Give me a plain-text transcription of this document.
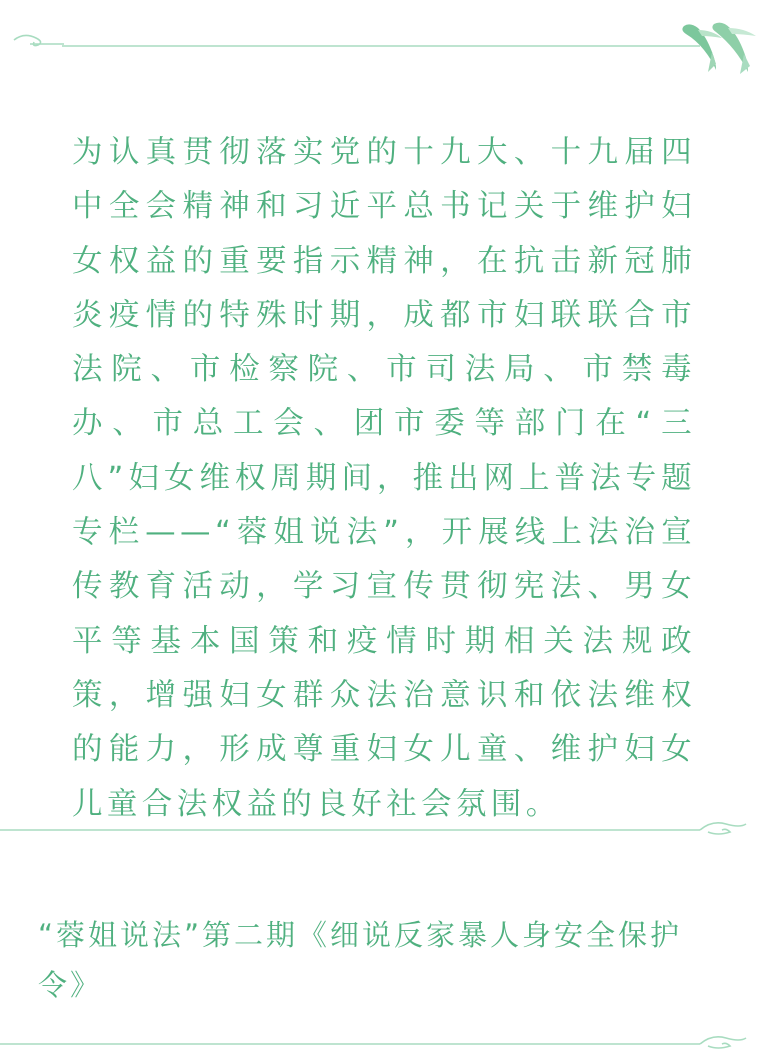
为认真贯彻落实党的十九大、十九届四中全会精神和习近平总书记关于维护妇女权益的重要指示精神，在抗击新冠肺炎疫情的特殊时期，成都市妇联联合市法院、市检察院、市司法局、市禁毒办、市总工会、团市委等部门在“三八”妇女维权周期间，推出网上普法专题专栏——“蓉姐说法”，开展线上法治宣传教育活动，学习宣传贯彻宪法、男女平等基本国策和疫情时期相关法规政策，增强妇女群众法治意识和依法维权的能力，形成尊重妇女儿童、维护妇女儿童合法权益的良好社会氛围。

“蓉姐说法”第二期《细说反家暴人身安全保护令》
